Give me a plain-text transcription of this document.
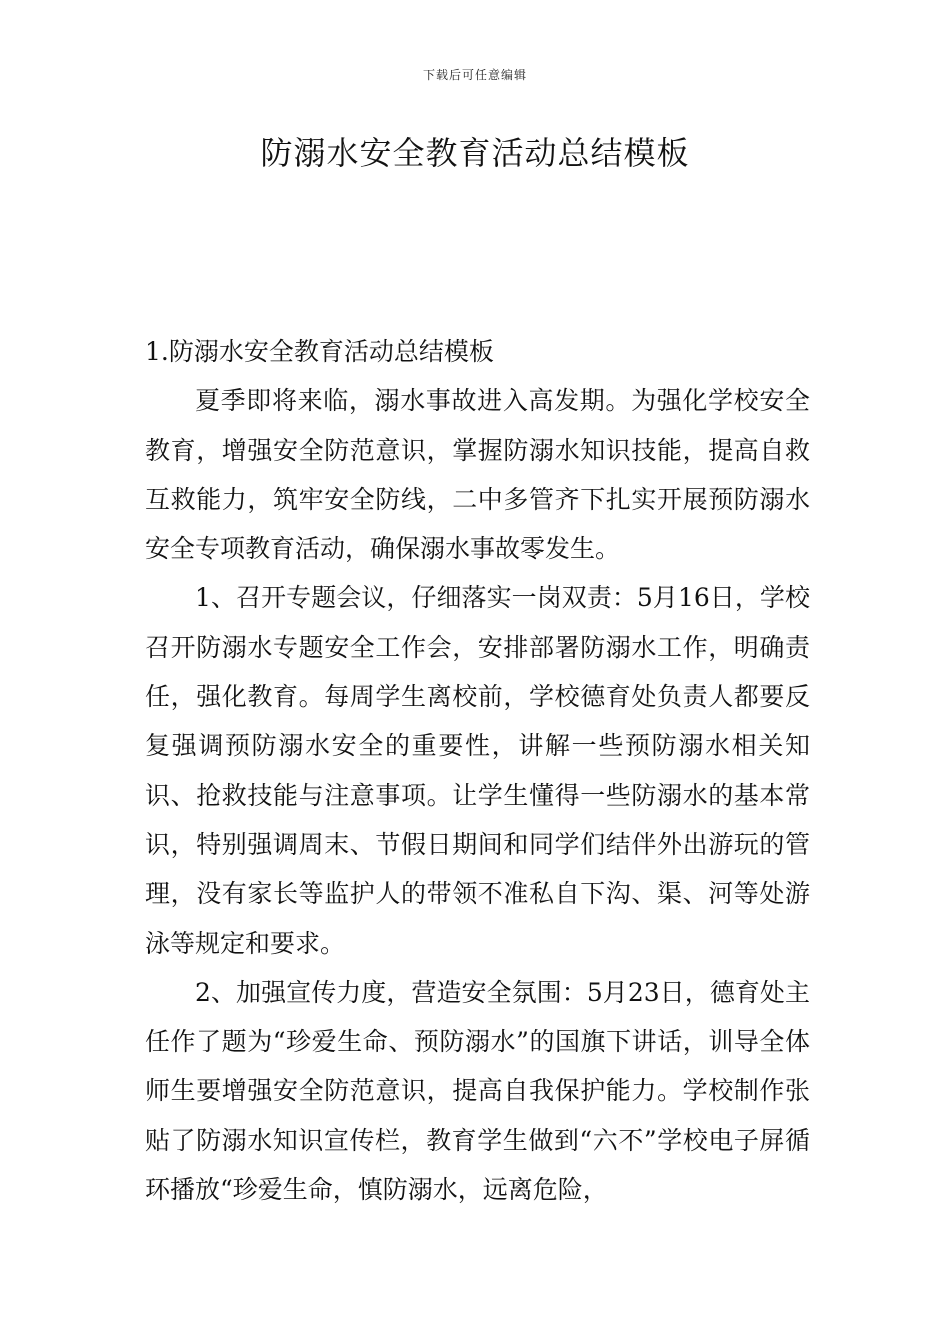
下载后可任意编辑
防溺水安全教育活动总结模板

1.防溺水安全教育活动总结模板

夏季即将来临，溺水事故进入高发期。为强化学校安全教育，增强安全防范意识，掌握防溺水知识技能，提高自救互救能力，筑牢安全防线，二中多管齐下扎实开展预防溺水安全专项教育活动，确保溺水事故零发生。

1、召开专题会议，仔细落实一岗双责：5月16日，学校召开防溺水专题安全工作会，安排部署防溺水工作，明确责任，强化教育。每周学生离校前，学校德育处负责人都要反复强调预防溺水安全的重要性，讲解一些预防溺水相关知识、抢救技能与注意事项。让学生懂得一些防溺水的基本常识，特别强调周末、节假日期间和同学们结伴外出游玩的管理，没有家长等监护人的带领不准私自下沟、渠、河等处游泳等规定和要求。

2、加强宣传力度，营造安全氛围：5月23日，德育处主任作了题为“珍爱生命、预防溺水”的国旗下讲话，训导全体师生要增强安全防范意识，提高自我保护能力。学校制作张贴了防溺水知识宣传栏，教育学生做到“六不”学校电子屏循环播放“珍爱生命，慎防溺水，远离危险，
